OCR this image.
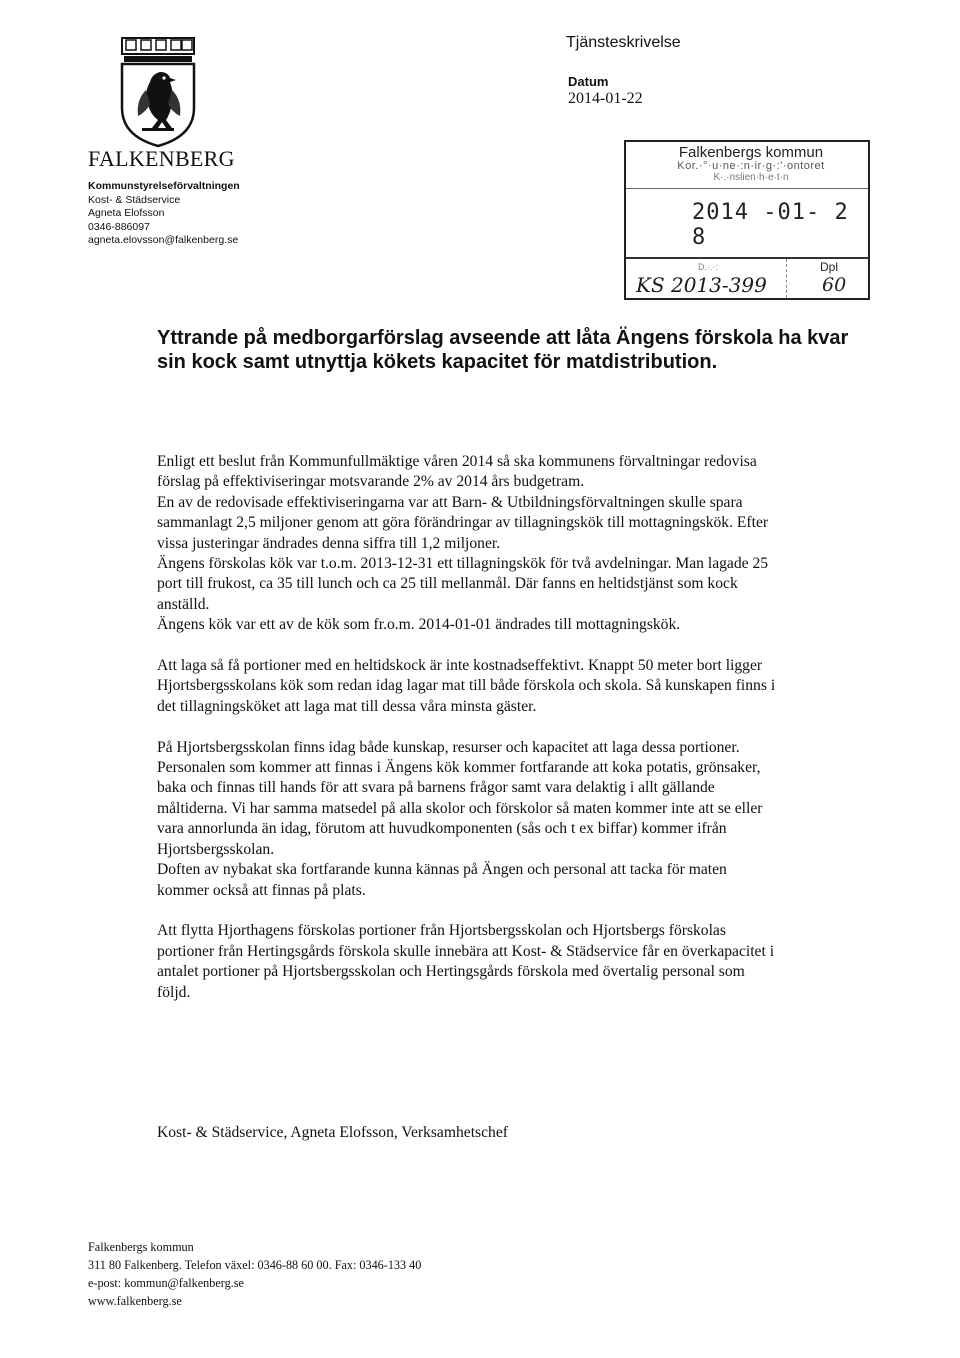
FALKENBERG
Kommunstyrelseförvaltningen
Kost- & Städservice
Agneta Elofsson
0346-886097
agneta.elovsson@falkenberg.se
Tjänsteskrivelse
Datum
2014-01-22
Falkenbergs kommun
Kor.·°·u·ne·:n·ir·g·:'·ontoret
K·.·nslien·h·e·t·n
2014 -01- 2 8
D.·.·:	Dpl
KS 2013-399	60
Yttrande på medborgarförslag avseende att låta Ängens förskola ha kvar sin kock samt utnyttja kökets kapacitet för matdistribution.
Enligt ett beslut från Kommunfullmäktige våren 2014 så ska kommunens förvaltningar redovisa
förslag på effektiviseringar motsvarande 2% av 2014 års budgetram.
En av de redovisade effektiviseringarna var att Barn- & Utbildningsförvaltningen skulle spara
sammanlagt 2,5 miljoner genom att göra förändringar av tillagningskök till mottagningskök. Efter
vissa justeringar ändrades denna siffra till 1,2 miljoner.
Ängens förskolas kök var t.o.m. 2013-12-31 ett tillagningskök för två avdelningar. Man lagade 25
port till frukost, ca 35 till lunch och ca 25 till mellanmål. Där fanns en heltidstjänst som kock
anställd.
Ängens kök var ett av de kök som fr.o.m. 2014-01-01 ändrades till mottagningskök.
Att laga så få portioner med en heltidskock är inte kostnadseffektivt. Knappt 50 meter bort ligger
Hjortsbergsskolans kök som redan idag lagar mat till både förskola och skola. Så kunskapen finns i
det tillagningsköket att laga mat till dessa våra minsta gäster.
På Hjortsbergsskolan finns idag både kunskap, resurser och kapacitet att laga dessa portioner.
Personalen som kommer att finnas i Ängens kök kommer fortfarande att koka potatis, grönsaker,
baka och finnas till hands för att svara på barnens frågor samt vara delaktig i allt gällande
måltiderna. Vi har samma matsedel på alla skolor och förskolor så maten kommer inte att se eller
vara annorlunda än idag, förutom att huvudkomponenten (sås och t ex biffar) kommer ifrån
Hjortsbergsskolan.
Doften av nybakat ska fortfarande kunna kännas på Ängen och personal att tacka för maten
kommer också att finnas på plats.
Att flytta Hjorthagens förskolas portioner från Hjortsbergsskolan och Hjortsbergs förskolas
portioner från Hertingsgårds förskola skulle innebära att Kost- & Städservice får en överkapacitet i
antalet portioner på Hjortsbergsskolan och Hertingsgårds förskola med övertalig personal som
följd.
Kost- & Städservice, Agneta Elofsson, Verksamhetschef
Falkenbergs kommun
311 80 Falkenberg. Telefon växel: 0346-88 60 00. Fax: 0346-133 40
e-post: kommun@falkenberg.se
www.falkenberg.se
